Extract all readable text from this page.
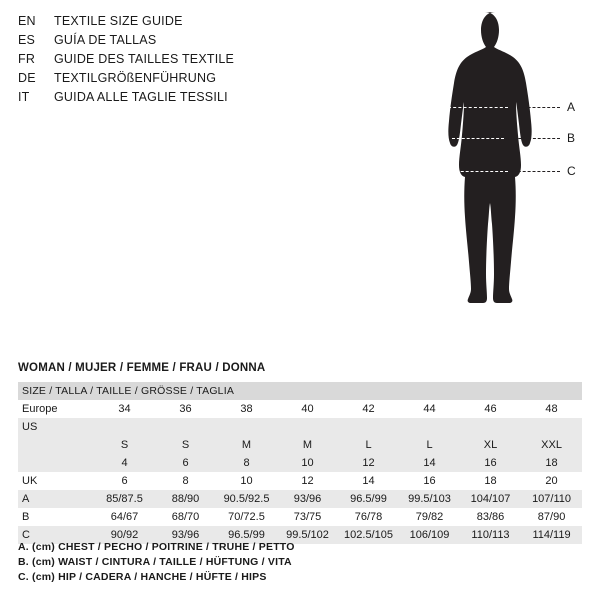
EN	TEXTILE SIZE GUIDE
ES	GUÍA DE TALLAS
FR	GUIDE DES TAILLES TEXTILE
DE	TEXTILGRÖßENFÜHRUNG
IT	GUIDA ALLE TAGLIE TESSILI
A
B
C
WOMAN / MUJER / FEMME / FRAU / DONNA
SIZE / TALLA / TAILLE / GRÖSSE / TAGLIA								
Europe	34	36	38	40	42	44	46	48
US								
	S	S	M	M	L	L	XL	XXL
	4	6	8	10	12	14	16	18
UK	6	8	10	12	14	16	18	20
A	85/87.5	88/90	90.5/92.5	93/96	96.5/99	99.5/103	104/107	107/110
B	64/67	68/70	70/72.5	73/75	76/78	79/82	83/86	87/90
C	90/92	93/96	96.5/99	99.5/102	102.5/105	106/109	110/113	114/119
A. (cm) CHEST / PECHO / POITRINE / TRUHE / PETTO
B. (cm) WAIST / CINTURA / TAILLE / HÜFTUNG / VITA
C. (cm) HIP / CADERA / HANCHE / HÜFTE / HIPS
